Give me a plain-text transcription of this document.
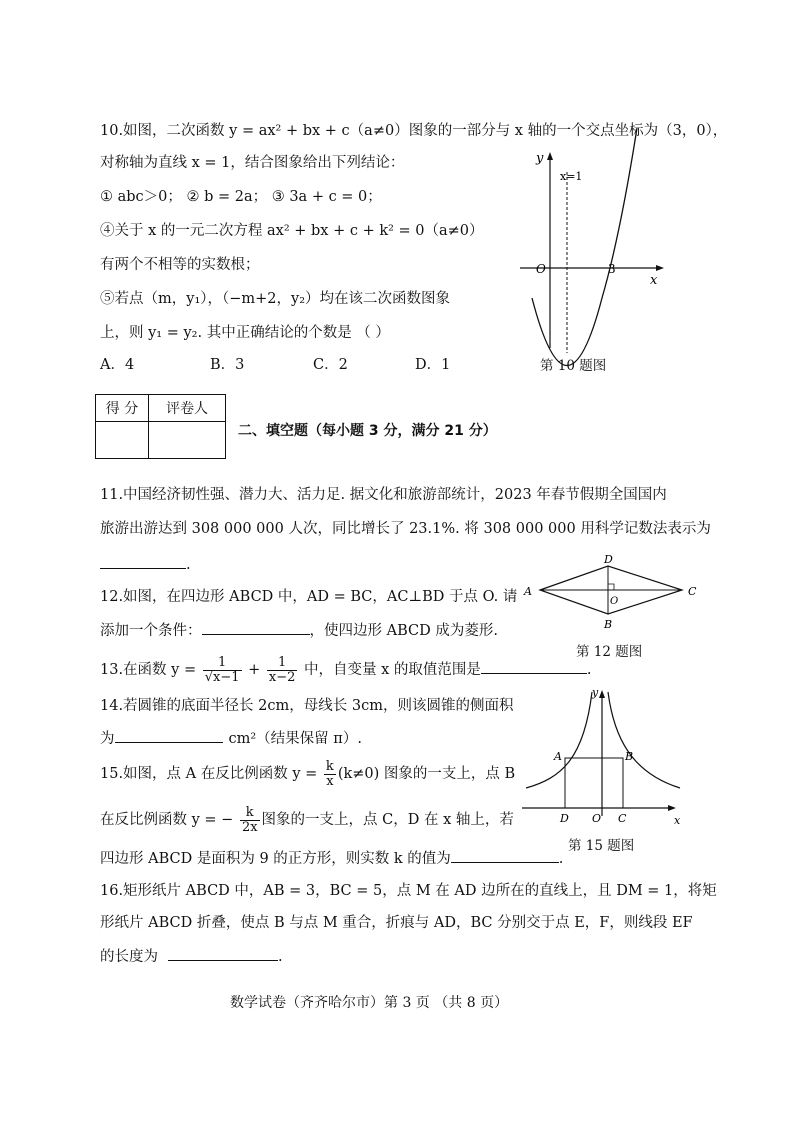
10.如图，二次函数 y = ax² + bx + c（a≠0）图象的一部分与 x 轴的一个交点坐标为（3，0），
对称轴为直线 x = 1，结合图象给出下列结论：
① abc＞0； ② b = 2a； ③ 3a + c = 0；
④关于 x 的一元二次方程 ax² + bx + c + k² = 0（a≠0）
有两个不相等的实数根；
⑤若点（m，y₁），（−m+2，y₂）均在该二次函数图象
上，则 y₁ = y₂. 其中正确结论的个数是 （ ）
A．4	B．3	C．2	D．1
y
x
O
x=1
3
第 10 题图
得 分	评卷人

二、填空题（每小题 3 分，满分 21 分）
11.中国经济韧性强、潜力大、活力足. 据文化和旅游部统计，2023 年春节假期全国国内
旅游出游达到 308 000 000 人次，同比增长了 23.1%. 将 308 000 000 用科学记数法表示为
.
12.如图，在四边形 ABCD 中，AD = BC，AC⊥BD 于点 O. 请
添加一个条件：	，使四边形 ABCD 成为菱形.
A	C
D
B
O
第 12 题图
13.在函数 $y = \frac{1}{√x-1} + \frac{1}{x-2}$ 中，自变量 x 的取值范围是	.
14.若圆锥的底面半径长 2cm，母线长 3cm，则该圆锥的侧面积
为	cm²（结果保留 π）.
15.如图，点 A 在反比例函数 $y = \frac{k}{x} (k\ne 0)$ 图象的一支上，点 B
在反比例函数 y = − $\frac{k}{2x}$ 图象的一支上，点 C，D 在 x 轴上，若
四边形 ABCD 是面积为 9 的正方形，则实数 k 的值为	.
y
x
A	B
D O C
第 15 题图
16.矩形纸片 ABCD 中，AB = 3，BC = 5，点 M 在 AD 边所在的直线上，且 DM = 1，将矩
形纸片 ABCD 折叠，使点 B 与点 M 重合，折痕与 AD，BC 分别交于点 E，F，则线段 EF
的长度为	.
数学试卷（齐齐哈尔市）第 3 页 （共 8 页）
